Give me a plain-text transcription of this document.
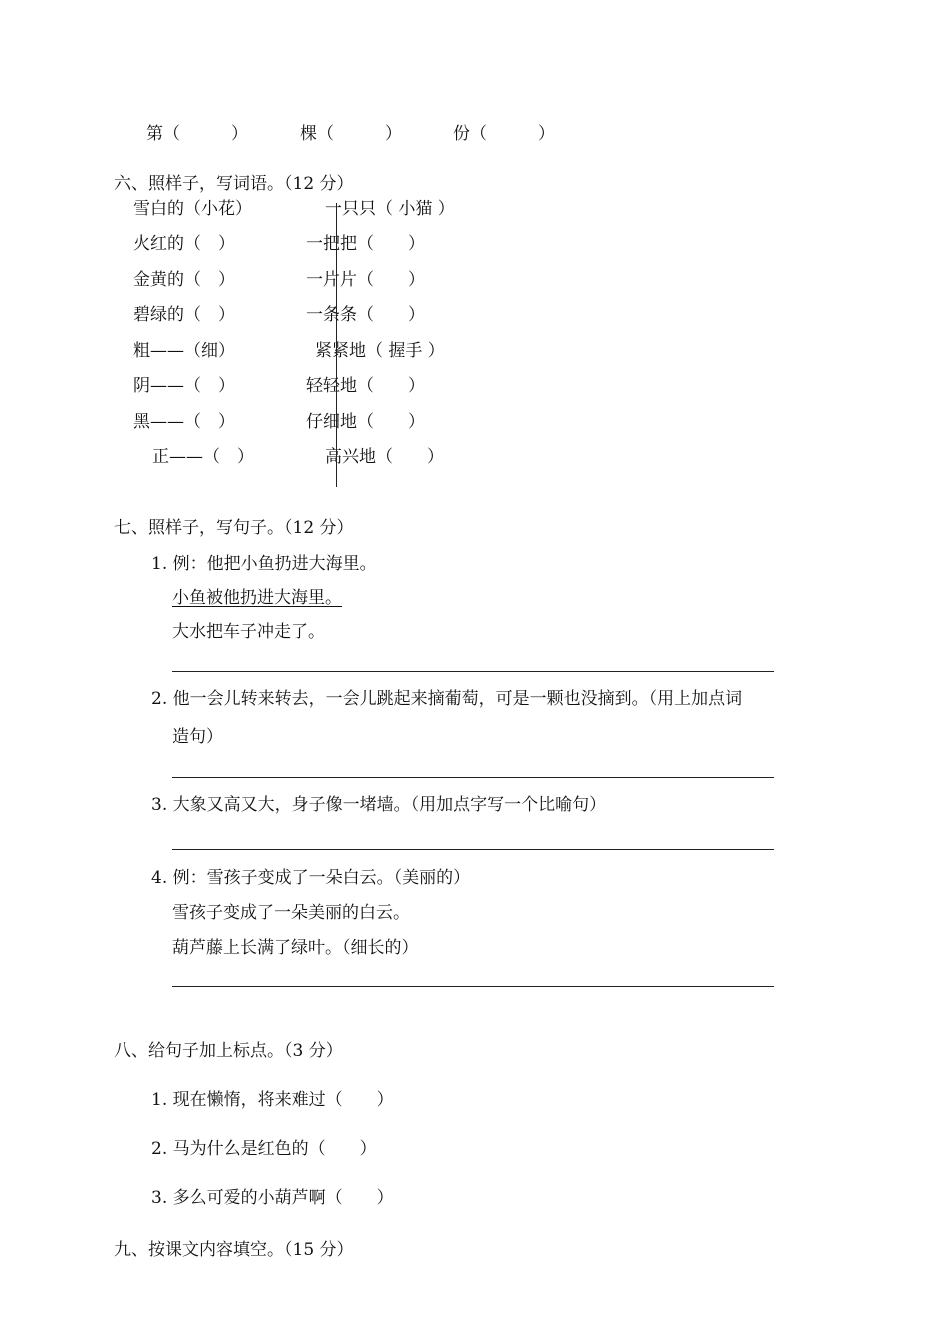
第（　　　）	棵（　　　）	份（　　　）
六、照样子，写词语。（12 分）
雪白的（小花）
火红的（　）
金黄的（　）
碧绿的（　）
粗——（细）
阴——（　）
黑——（　）
正——（　）
一只只（ 小猫 ）
一把把（　　）
一片片（　　）
一条条（　　）
紧紧地（ 握手 ）
轻轻地（　　）
仔细地（　　）
高兴地（　　）
七、照样子，写句子。（12 分）
1. 例：他把小鱼扔进大海里。
小鱼被他扔进大海里。
大水把车子冲走了。
2. 他一会儿转来转去，一会儿跳起来摘葡萄，可是一颗也没摘到。（用上加点词
造句）
3. 大象又高又大，身子像一堵墙。（用加点字写一个比喻句）
4. 例：雪孩子变成了一朵白云。（美丽的）
雪孩子变成了一朵美丽的白云。
葫芦藤上长满了绿叶。（细长的）
八、给句子加上标点。（3 分）
1. 现在懒惰，将来难过（　　）
2. 马为什么是红色的（　　）
3. 多么可爱的小葫芦啊（　　）
九、按课文内容填空。（15 分）
